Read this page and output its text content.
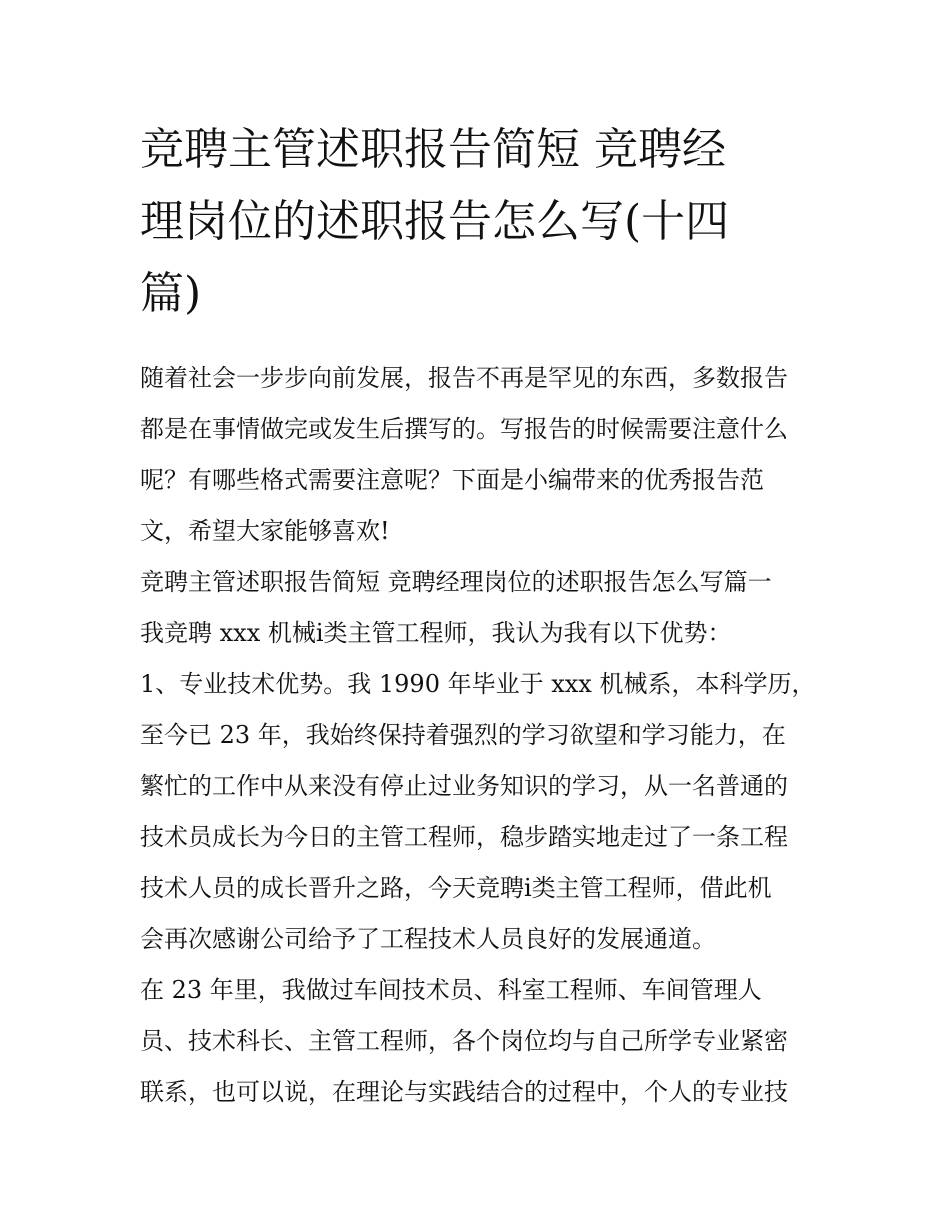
竞聘主管述职报告简短 竞聘经
理岗位的述职报告怎么写(十四
篇)

随着社会一步步向前发展，报告不再是罕见的东西，多数报告

都是在事情做完或发生后撰写的。写报告的时候需要注意什么

呢？有哪些格式需要注意呢？下面是小编带来的优秀报告范

文，希望大家能够喜欢!

竞聘主管述职报告简短 竞聘经理岗位的述职报告怎么写篇一

我竞聘 xxx 机械ⅰ类主管工程师，我认为我有以下优势：

1、专业技术优势。我 1990 年毕业于 xxx 机械系，本科学历，

至今已 23 年，我始终保持着强烈的学习欲望和学习能力，在

繁忙的工作中从来没有停止过业务知识的学习，从一名普通的

技术员成长为今日的主管工程师，稳步踏实地走过了一条工程

技术人员的成长晋升之路，今天竞聘ⅰ类主管工程师，借此机

会再次感谢公司给予了工程技术人员良好的发展通道。

在 23 年里，我做过车间技术员、科室工程师、车间管理人

员、技术科长、主管工程师，各个岗位均与自己所学专业紧密

联系，也可以说，在理论与实践结合的过程中，个人的专业技
